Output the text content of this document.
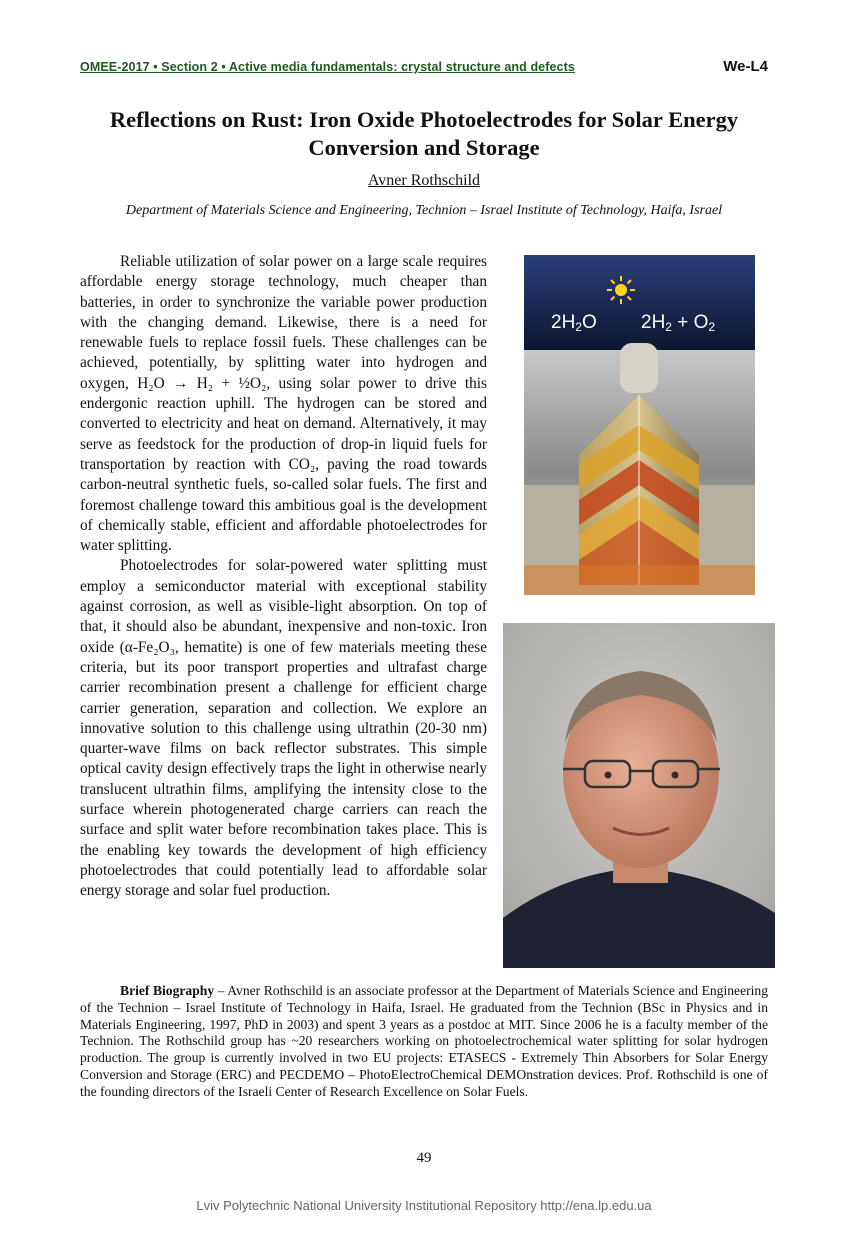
OMEE-2017 • Section 2 • Active media fundamentals: crystal structure and defects	We-L4
Reflections on Rust: Iron Oxide Photoelectrodes for Solar Energy Conversion and Storage
Avner Rothschild
Department of Materials Science and Engineering, Technion – Israel Institute of Technology, Haifa, Israel

Reliable utilization of solar power on a large scale requires affordable energy storage technology, much cheaper than batteries, in order to synchronize the variable power production with the changing demand. Likewise, there is a need for renewable fuels to replace fossil fuels. These challenges can be achieved, potentially, by splitting water into hydrogen and oxygen, H₂O → H₂ + ½O₂, using solar power to drive this endergonic reaction uphill. The hydrogen can be stored and converted to electricity and heat on demand. Alternatively, it may serve as feedstock for the production of drop-in liquid fuels for transportation by reaction with CO₂, paving the road towards carbon-neutral synthetic fuels, so-called solar fuels. The first and foremost challenge toward this ambitious goal is the development of chemically stable, efficient and affordable photoelectrodes for water splitting.

Photoelectrodes for solar-powered water splitting must employ a semiconductor material with exceptional stability against corrosion, as well as visible-light absorption. On top of that, it should also be abundant, inexpensive and non-toxic. Iron oxide (α-Fe₂O₃, hematite) is one of few materials meeting these criteria, but its poor transport properties and ultrafast charge carrier recombination present a challenge for efficient charge carrier generation, separation and collection. We explore an innovative solution to this challenge using ultrathin (20-30 nm) quarter-wave films on back reflector substrates. This simple optical cavity design effectively traps the light in otherwise nearly translucent ultrathin films, amplifying the intensity close to the surface wherein photogenerated charge carriers can reach the surface and split water before recombination takes place. This is the enabling key towards the development of high efficiency photoelectrodes that could potentially lead to affordable solar energy storage and solar fuel production.

$2H_2O$ $2H_2 + O_2$

Brief Biography – Avner Rothschild is an associate professor at the Department of Materials Science and Engineering of the Technion – Israel Institute of Technology in Haifa, Israel. He graduated from the Technion (BSc in Physics and in Materials Engineering, 1997, PhD in 2003) and spent 3 years as a postdoc at MIT. Since 2006 he is a faculty member of the Technion. The Rothschild group has ~20 researchers working on photoelectrochemical water splitting for solar hydrogen production. The group is currently involved in two EU projects: ETASECS - Extremely Thin Absorbers for Solar Energy Conversion and Storage (ERC) and PECDEMO – PhotoElectroChemical DEMOnstration devices. Prof. Rothschild is one of the founding directors of the Israeli Center of Research Excellence on Solar Fuels.

49
Lviv Polytechnic National University Institutional Repository http://ena.lp.edu.ua
